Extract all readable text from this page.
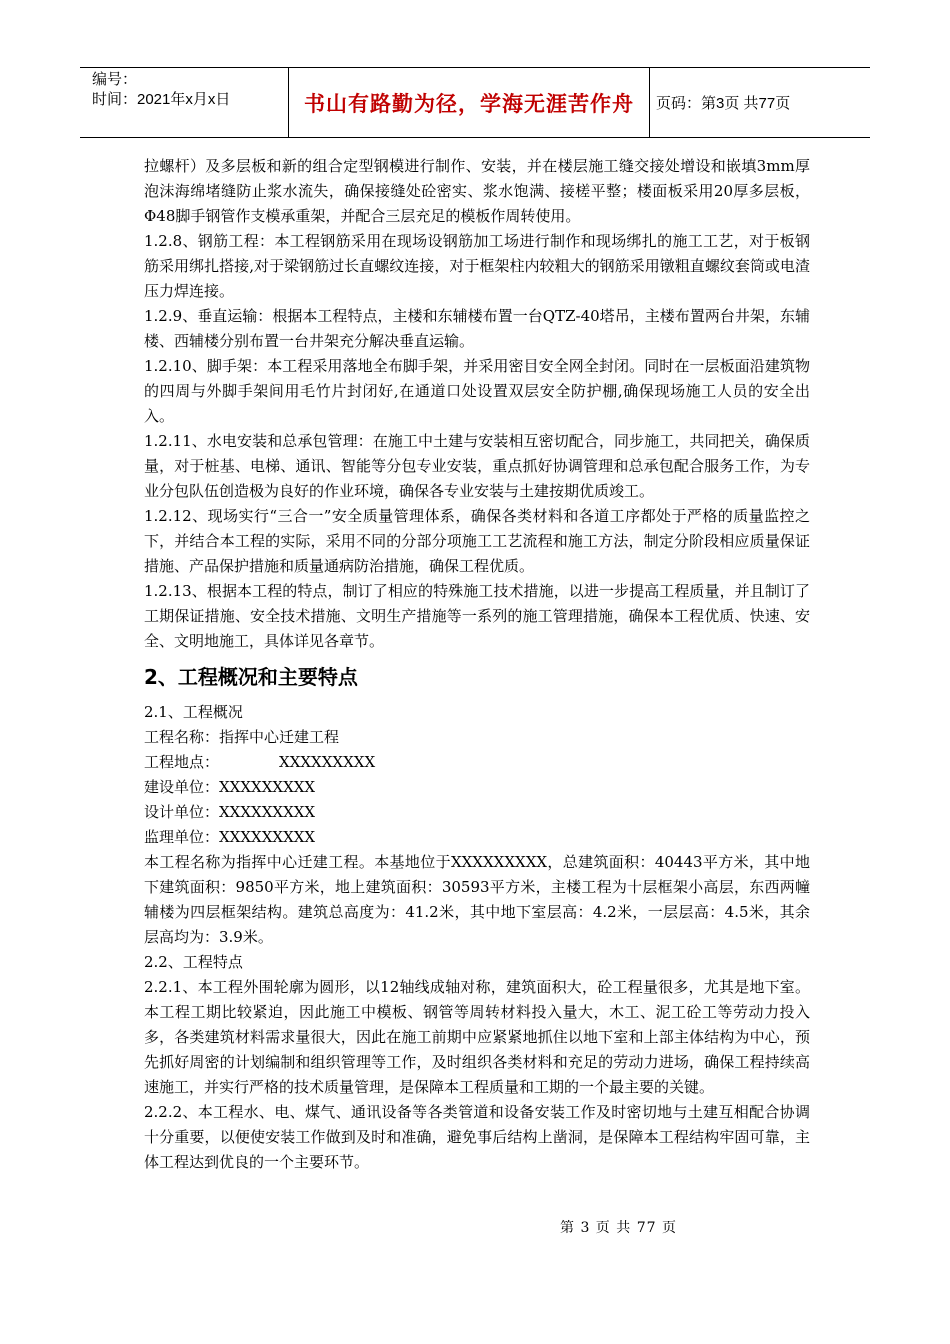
编号：
时间：2021年x月x日	书山有路勤为径，学海无涯苦作舟	页码：第3页 共77页

拉螺杆）及多层板和新的组合定型钢模进行制作、安装，并在楼层施工缝交接处增设和嵌填3mm厚泡沫海绵堵缝防止浆水流失，确保接缝处砼密实、浆水饱满、接槎平整；楼面板采用20厚多层板，Φ48脚手钢管作支模承重架，并配合三层充足的模板作周转使用。

1.2.8、钢筋工程：本工程钢筋采用在现场设钢筋加工场进行制作和现场绑扎的施工工艺，对于板钢筋采用绑扎搭接,对于梁钢筋过长直螺纹连接，对于框架柱内较粗大的钢筋采用镦粗直螺纹套筒或电渣压力焊连接。

1.2.9、垂直运输：根据本工程特点，主楼和东辅楼布置一台QTZ-40塔吊，主楼布置两台井架，东辅楼、西辅楼分别布置一台井架充分解决垂直运输。

1.2.10、脚手架：本工程采用落地全布脚手架，并采用密目安全网全封闭。同时在一层板面沿建筑物的四周与外脚手架间用毛竹片封闭好,在通道口处设置双层安全防护棚,确保现场施工人员的安全出入。

1.2.11、水电安装和总承包管理：在施工中土建与安装相互密切配合，同步施工，共同把关，确保质量，对于桩基、电梯、通讯、智能等分包专业安装，重点抓好协调管理和总承包配合服务工作，为专业分包队伍创造极为良好的作业环境，确保各专业安装与土建按期优质竣工。

1.2.12、现场实行“三合一”安全质量管理体系，确保各类材料和各道工序都处于严格的质量监控之下，并结合本工程的实际，采用不同的分部分项施工工艺流程和施工方法，制定分阶段相应质量保证措施、产品保护措施和质量通病防治措施，确保工程优质。

1.2.13、根据本工程的特点，制订了相应的特殊施工技术措施，以进一步提高工程质量，并且制订了工期保证措施、安全技术措施、文明生产措施等一系列的施工管理措施，确保本工程优质、快速、安全、文明地施工，具体详见各章节。

2、工程概况和主要特点

2.1、工程概况

工程名称：指挥中心迁建工程

工程地点：	XXXXXXXXX

建设单位：XXXXXXXXX

设计单位：XXXXXXXXX

监理单位：XXXXXXXXX

本工程名称为指挥中心迁建工程。本基地位于XXXXXXXXX，总建筑面积：40443平方米，其中地下建筑面积：9850平方米，地上建筑面积：30593平方米，主楼工程为十层框架小高层，东西两幢辅楼为四层框架结构。建筑总高度为：41.2米，其中地下室层高：4.2米，一层层高：4.5米，其余层高均为：3.9米。

2.2、工程特点

2.2.1、本工程外围轮廓为圆形，以12轴线成轴对称，建筑面积大，砼工程量很多，尤其是地下室。本工程工期比较紧迫，因此施工中模板、钢管等周转材料投入量大，木工、泥工砼工等劳动力投入多，各类建筑材料需求量很大，因此在施工前期中应紧紧地抓住以地下室和上部主体结构为中心，预先抓好周密的计划编制和组织管理等工作，及时组织各类材料和充足的劳动力进场，确保工程持续高速施工，并实行严格的技术质量管理，是保障本工程质量和工期的一个最主要的关键。

2.2.2、本工程水、电、煤气、通讯设备等各类管道和设备安装工作及时密切地与土建互相配合协调十分重要，以便使安装工作做到及时和准确，避免事后结构上凿洞，是保障本工程结构牢固可靠，主体工程达到优良的一个主要环节。

第 3 页 共 77 页
